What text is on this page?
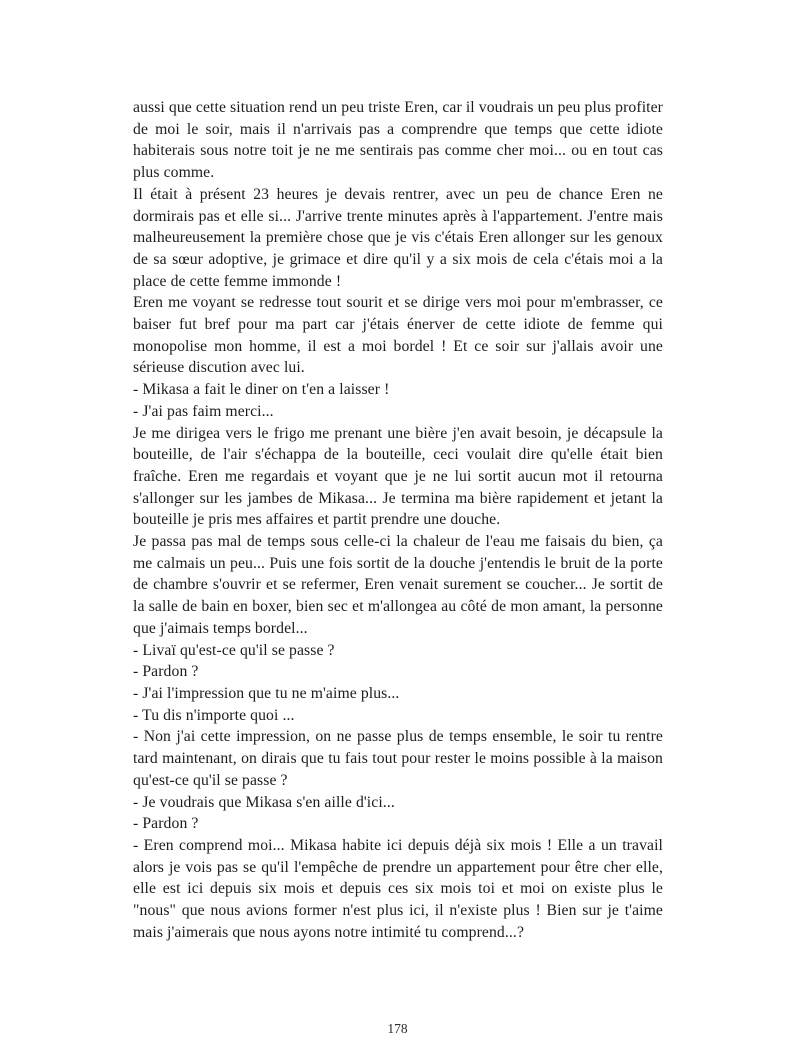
aussi que cette situation rend un peu triste Eren, car il voudrais un peu plus profiter de moi le soir, mais il n'arrivais pas a comprendre que temps que cette idiote habiterais sous notre toit je ne me sentirais pas comme cher moi... ou en tout cas plus comme.

Il était à présent 23 heures je devais rentrer, avec un peu de chance Eren ne dormirais pas et elle si... J'arrive trente minutes après à l'appartement. J'entre mais malheureusement la première chose que je vis c'étais Eren allonger sur les genoux de sa sœur adoptive, je grimace et dire qu'il y a six mois de cela c'étais moi a la place de cette femme immonde !

Eren me voyant se redresse tout sourit et se dirige vers moi pour m'embrasser, ce baiser fut bref pour ma part car j'étais énerver de cette idiote de femme qui monopolise mon homme, il est a moi bordel ! Et ce soir sur j'allais avoir une sérieuse discution avec lui.

- Mikasa a fait le diner on t'en a laisser !

- J'ai pas faim merci...

Je me dirigea vers le frigo me prenant une bière j'en avait besoin, je décapsule la bouteille, de l'air s'échappa de la bouteille, ceci voulait dire qu'elle était bien fraîche. Eren me regardais et voyant que je ne lui sortit aucun mot il retourna s'allonger sur les jambes de Mikasa... Je termina ma bière rapidement et jetant la bouteille je pris mes affaires et partit prendre une douche.

Je passa pas mal de temps sous celle-ci la chaleur de l'eau me faisais du bien, ça me calmais un peu... Puis une fois sortit de la douche j'entendis le bruit de la porte de chambre s'ouvrir et se refermer, Eren venait surement se coucher... Je sortit de la salle de bain en boxer, bien sec et m'allongea au côté de mon amant, la personne que j'aimais temps bordel...

- Livaï qu'est-ce qu'il se passe ?

- Pardon ?

- J'ai l'impression que tu ne m'aime plus...

- Tu dis n'importe quoi ...

- Non j'ai cette impression, on ne passe plus de temps ensemble, le soir tu rentre tard maintenant, on dirais que tu fais tout pour rester le moins possible à la maison qu'est-ce qu'il se passe ?

- Je voudrais que Mikasa s'en aille d'ici...

- Pardon ?

- Eren comprend moi... Mikasa habite ici depuis déjà six mois ! Elle a un travail alors je vois pas se qu'il l'empêche de prendre un appartement pour être cher elle, elle est ici depuis six mois et depuis ces six mois toi et moi on existe plus le "nous" que nous avions former n'est plus ici, il n'existe plus ! Bien sur je t'aime mais j'aimerais que nous ayons notre intimité tu comprend...?

178
